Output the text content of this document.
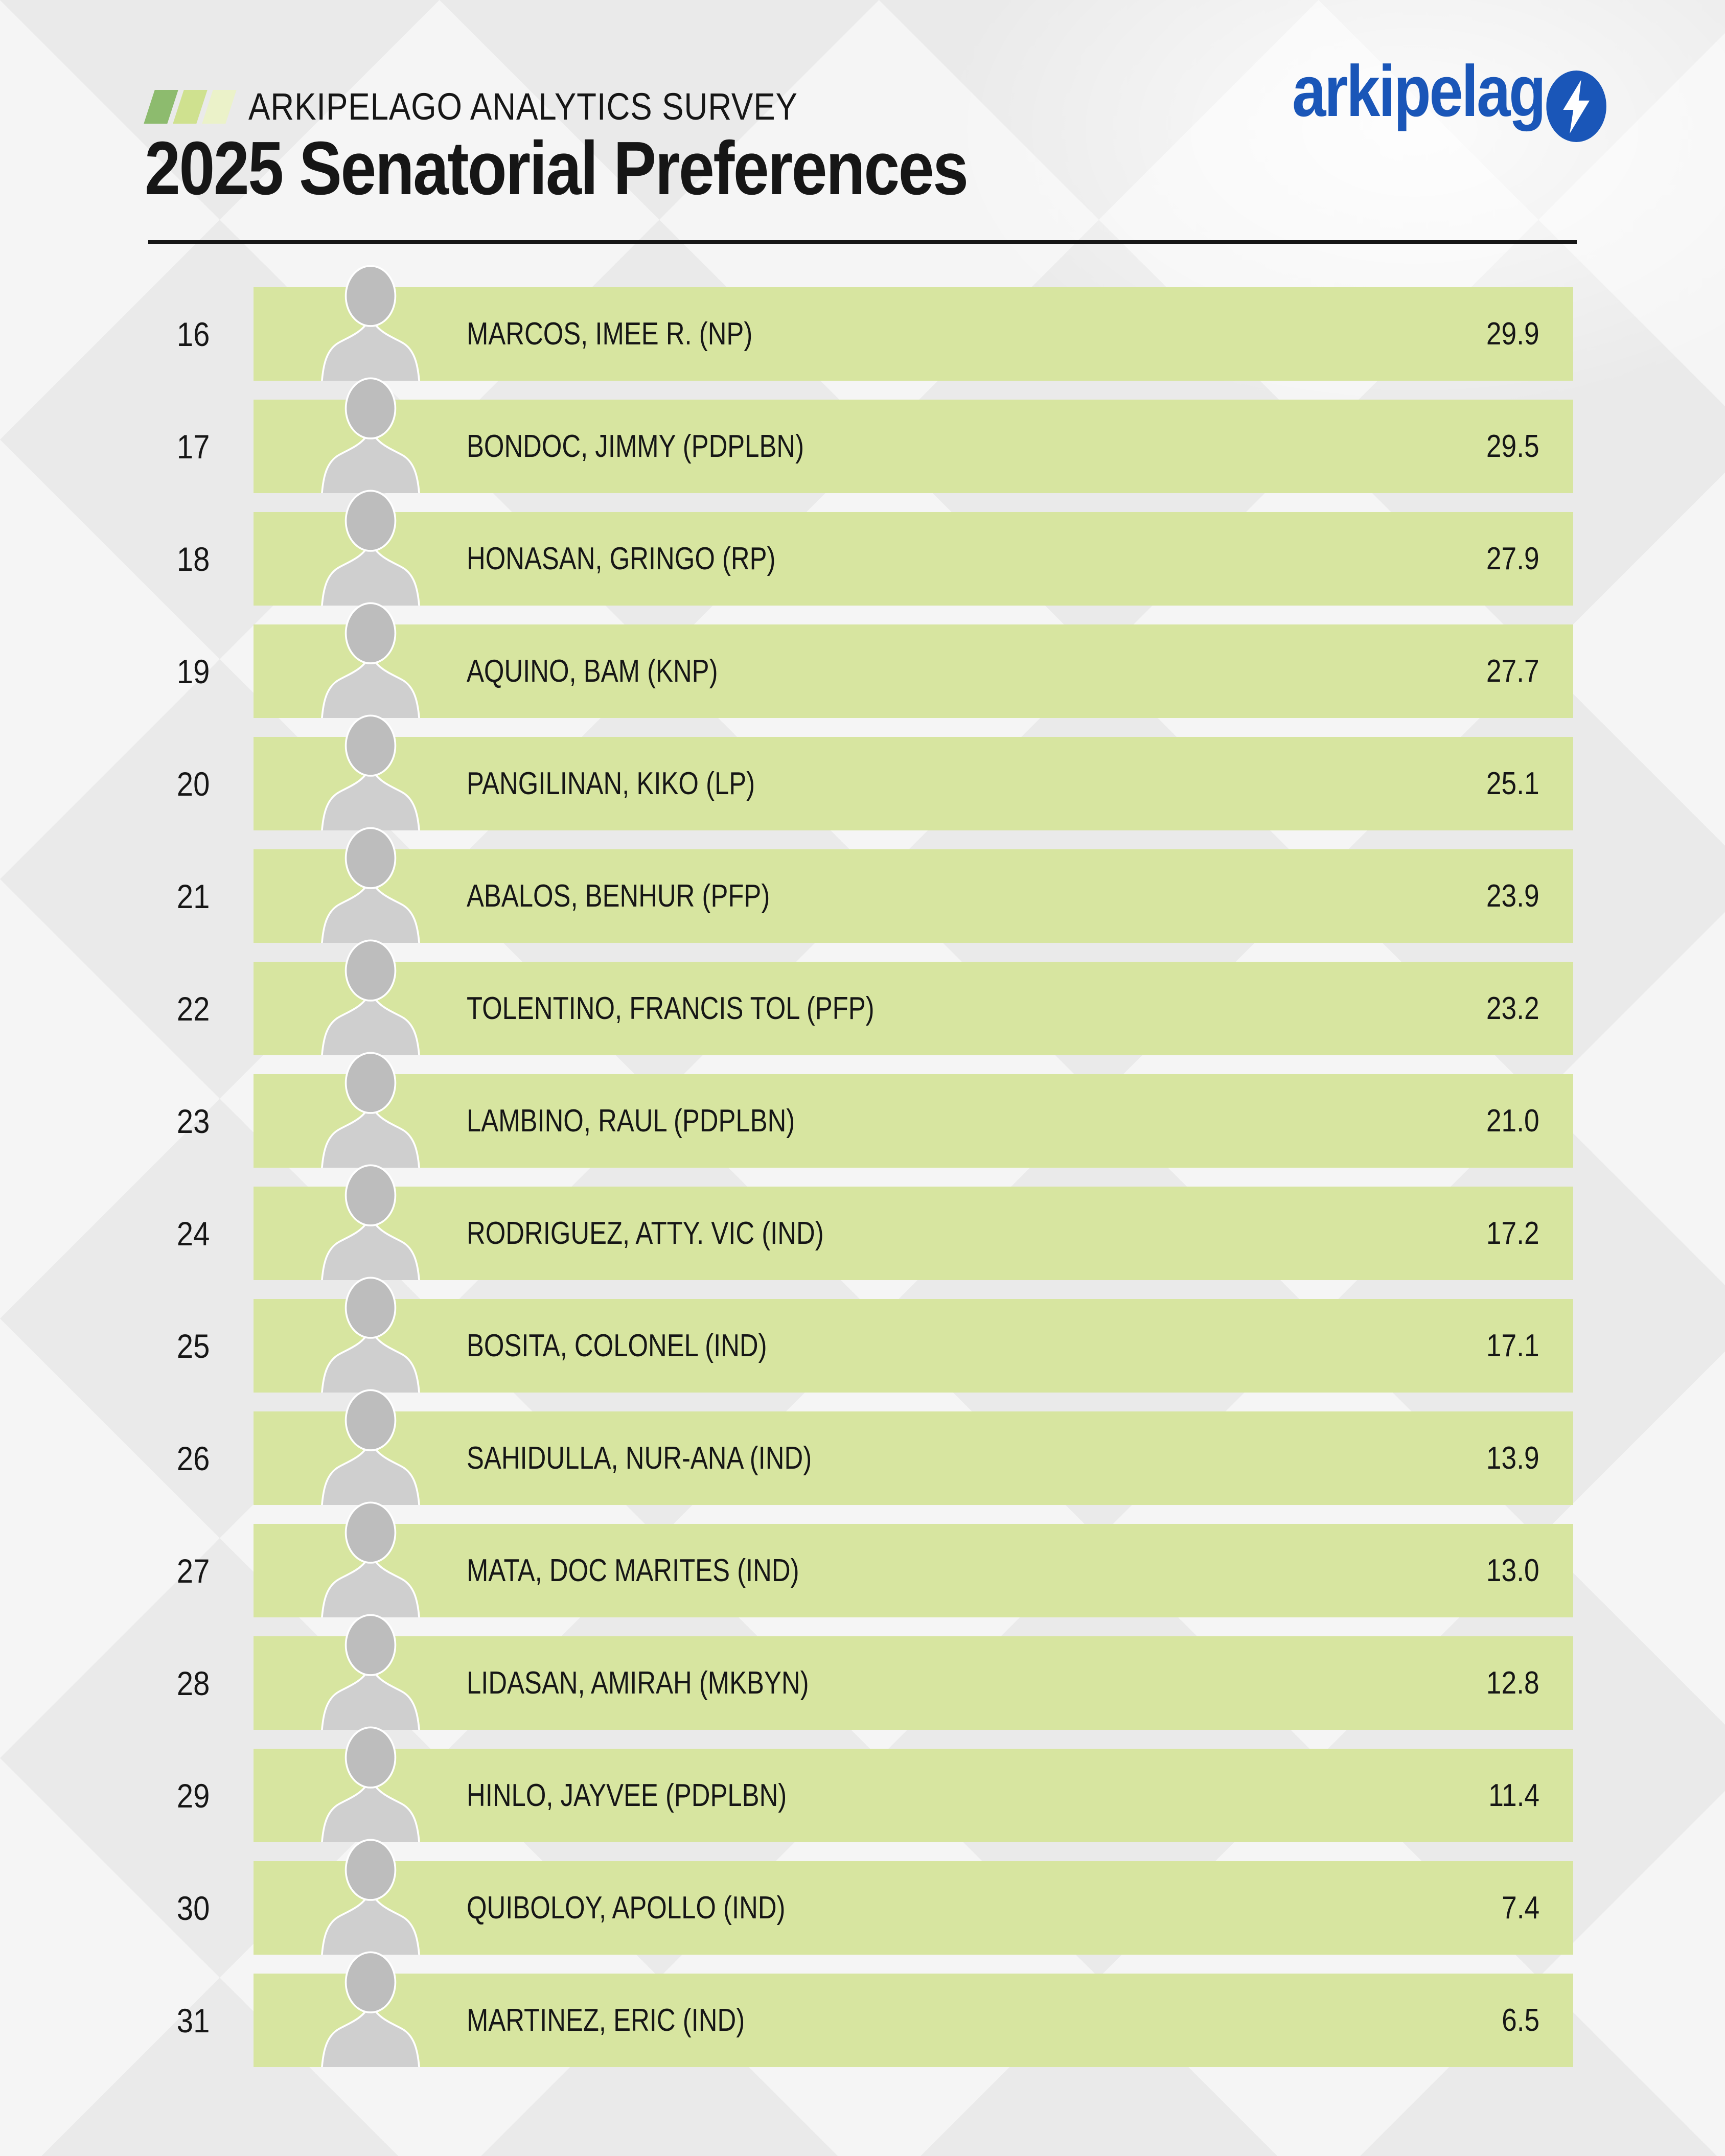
ARKIPELAGO ANALYTICS SURVEY
2025 Senatorial Preferences
arkipelag
16	MARCOS, IMEE R. (NP)	29.9
17	BONDOC, JIMMY (PDPLBN)	29.5
18	HONASAN, GRINGO (RP)	27.9
19	AQUINO, BAM (KNP)	27.7
20	PANGILINAN, KIKO (LP)	25.1
21	ABALOS, BENHUR (PFP)	23.9
22	TOLENTINO, FRANCIS TOL (PFP)	23.2
23	LAMBINO, RAUL (PDPLBN)	21.0
24	RODRIGUEZ, ATTY. VIC (IND)	17.2
25	BOSITA, COLONEL (IND)	17.1
26	SAHIDULLA, NUR-ANA (IND)	13.9
27	MATA, DOC MARITES (IND)	13.0
28	LIDASAN, AMIRAH (MKBYN)	12.8
29	HINLO, JAYVEE (PDPLBN)	11.4
30	QUIBOLOY, APOLLO (IND)	7.4
31	MARTINEZ, ERIC (IND)	6.5
